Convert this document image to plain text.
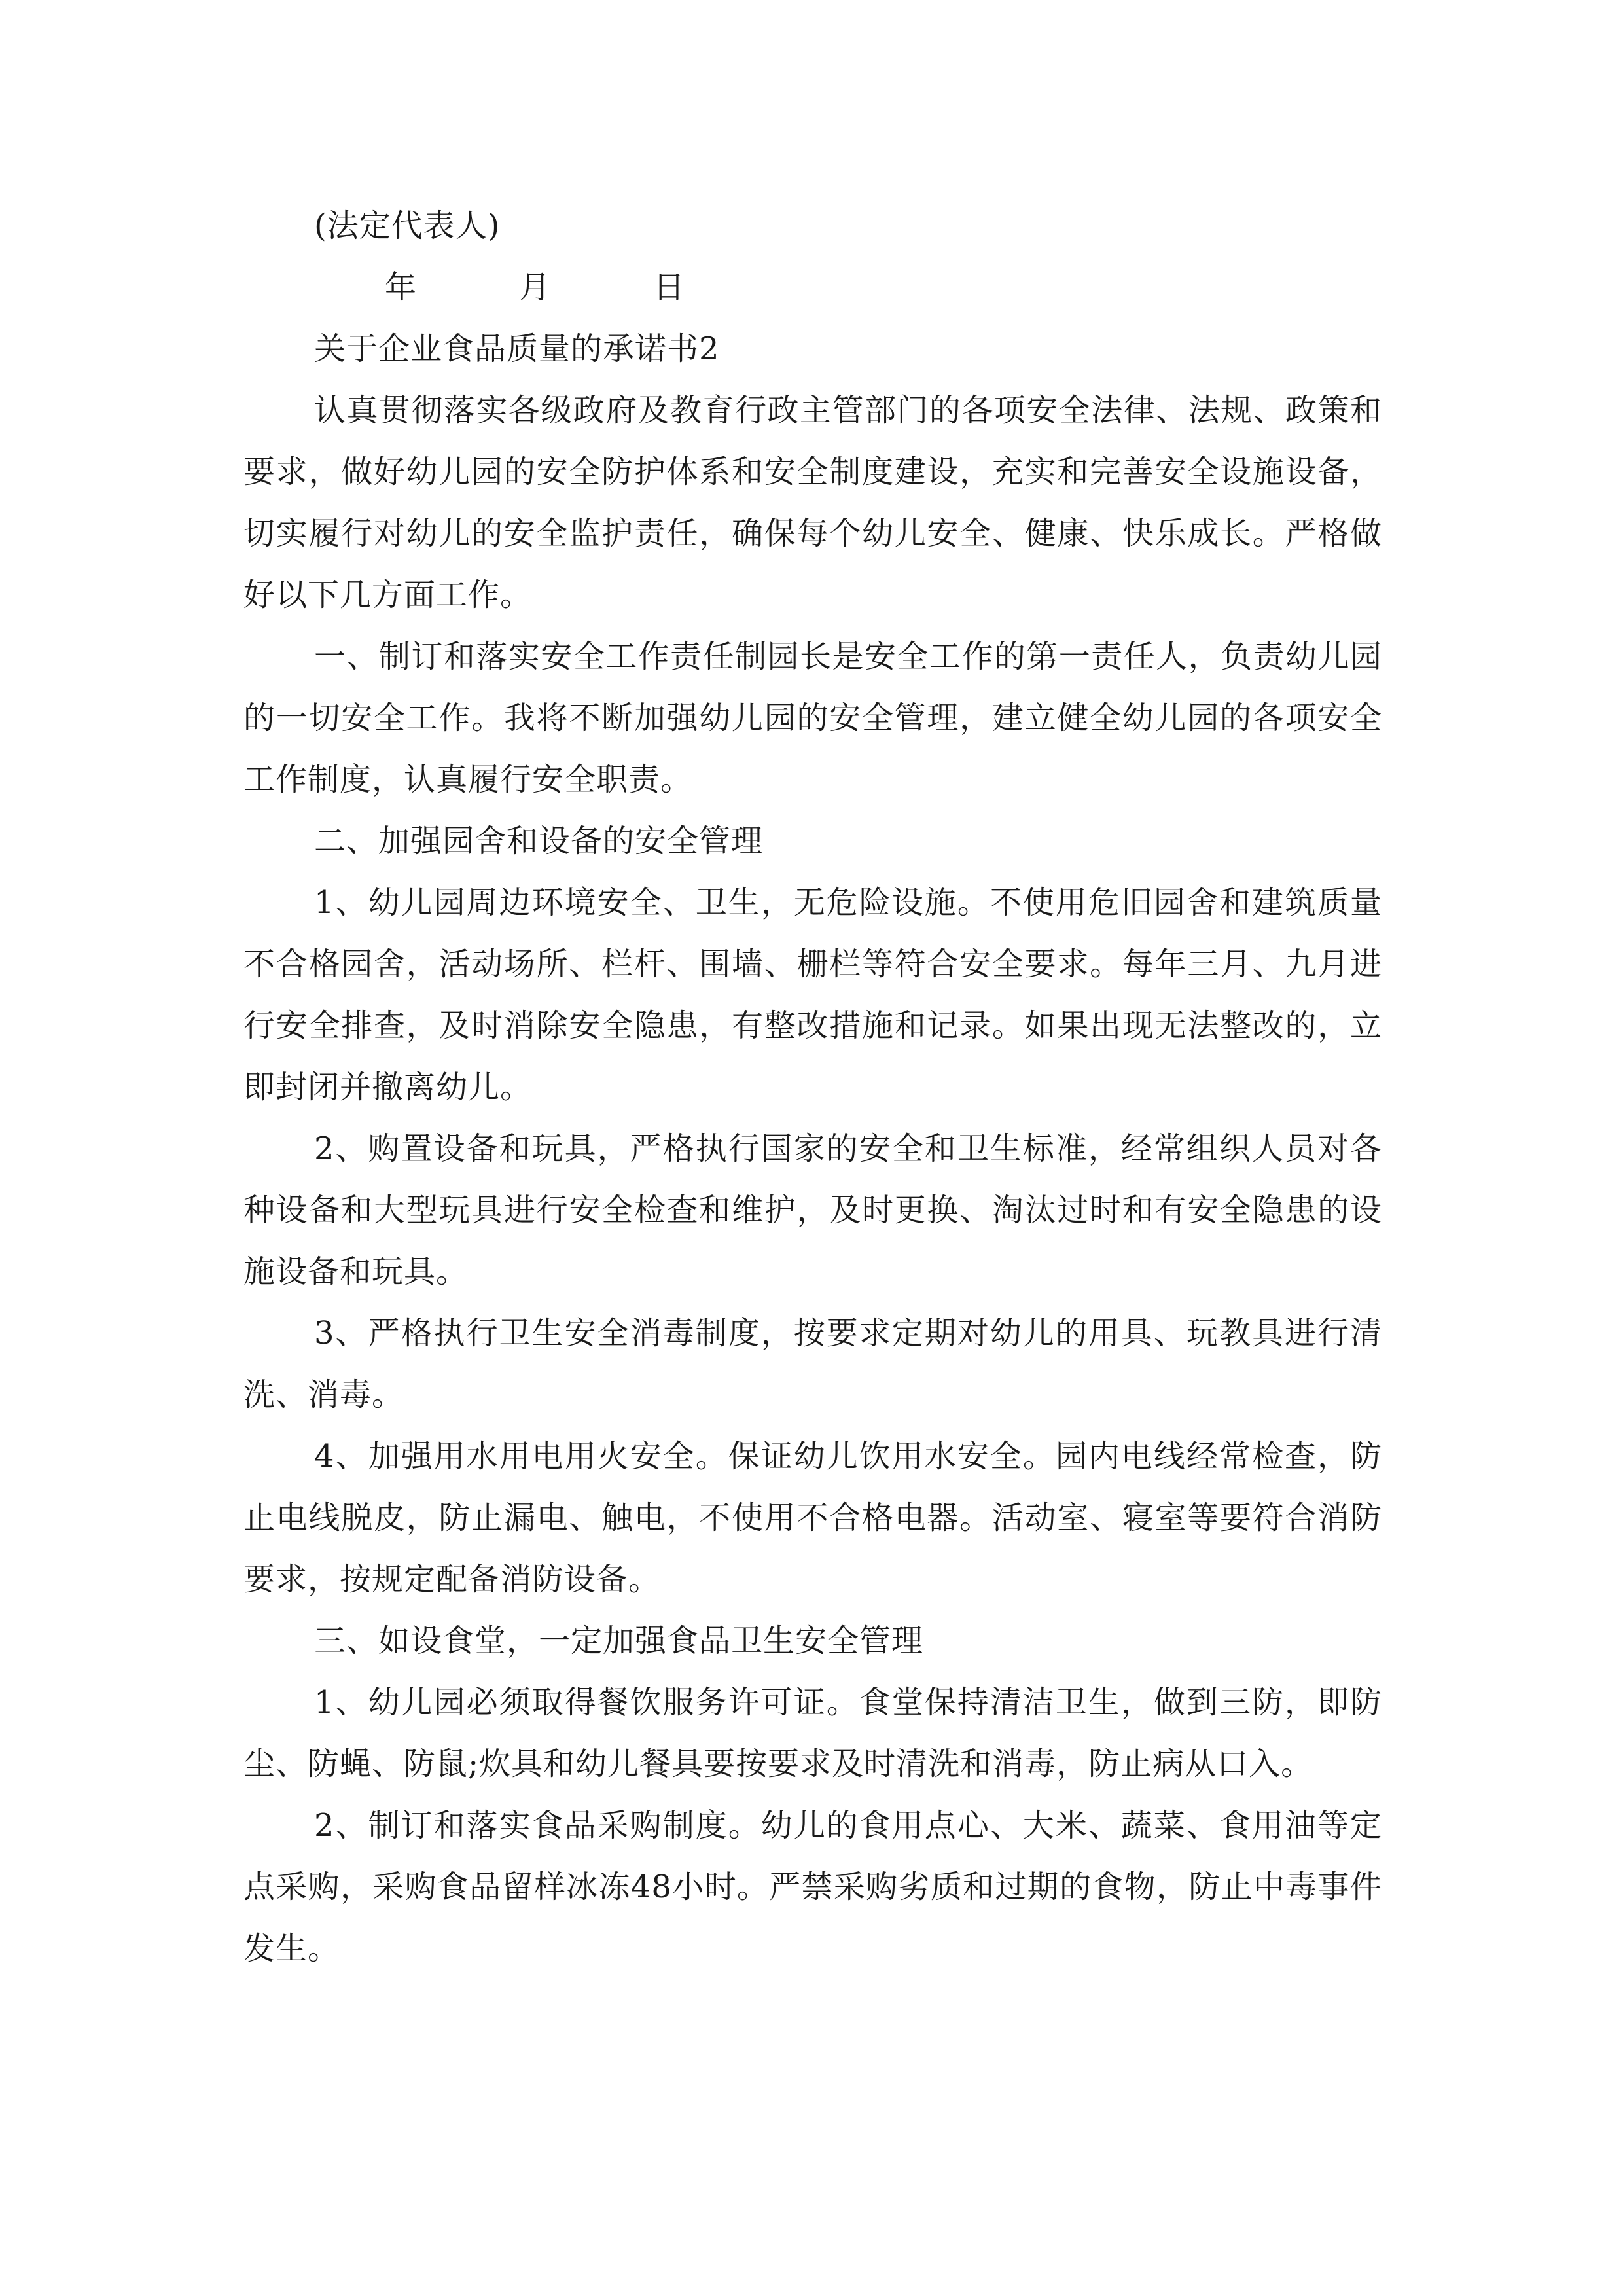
(法定代表人)

年	月	日

关于企业食品质量的承诺书2

认真贯彻落实各级政府及教育行政主管部门的各项安全法律、法规、政策和要求，做好幼儿园的安全防护体系和安全制度建设，充实和完善安全设施设备，切实履行对幼儿的安全监护责任，确保每个幼儿安全、健康、快乐成长。严格做好以下几方面工作。

一、制订和落实安全工作责任制园长是安全工作的第一责任人，负责幼儿园的一切安全工作。我将不断加强幼儿园的安全管理，建立健全幼儿园的各项安全工作制度，认真履行安全职责。

二、加强园舍和设备的安全管理

1、幼儿园周边环境安全、卫生，无危险设施。不使用危旧园舍和建筑质量不合格园舍，活动场所、栏杆、围墙、栅栏等符合安全要求。每年三月、九月进行安全排查，及时消除安全隐患，有整改措施和记录。如果出现无法整改的，立即封闭并撤离幼儿。

2、购置设备和玩具，严格执行国家的安全和卫生标准，经常组织人员对各种设备和大型玩具进行安全检查和维护，及时更换、淘汰过时和有安全隐患的设施设备和玩具。

3、严格执行卫生安全消毒制度，按要求定期对幼儿的用具、玩教具进行清洗、消毒。

4、加强用水用电用火安全。保证幼儿饮用水安全。园内电线经常检查，防止电线脱皮，防止漏电、触电，不使用不合格电器。活动室、寝室等要符合消防要求，按规定配备消防设备。

三、如设食堂，一定加强食品卫生安全管理

1、幼儿园必须取得餐饮服务许可证。食堂保持清洁卫生，做到三防，即防尘、防蝇、防鼠;炊具和幼儿餐具要按要求及时清洗和消毒，防止病从口入。

2、制订和落实食品采购制度。幼儿的食用点心、大米、蔬菜、食用油等定点采购，采购食品留样冰冻48小时。严禁采购劣质和过期的食物，防止中毒事件发生。
